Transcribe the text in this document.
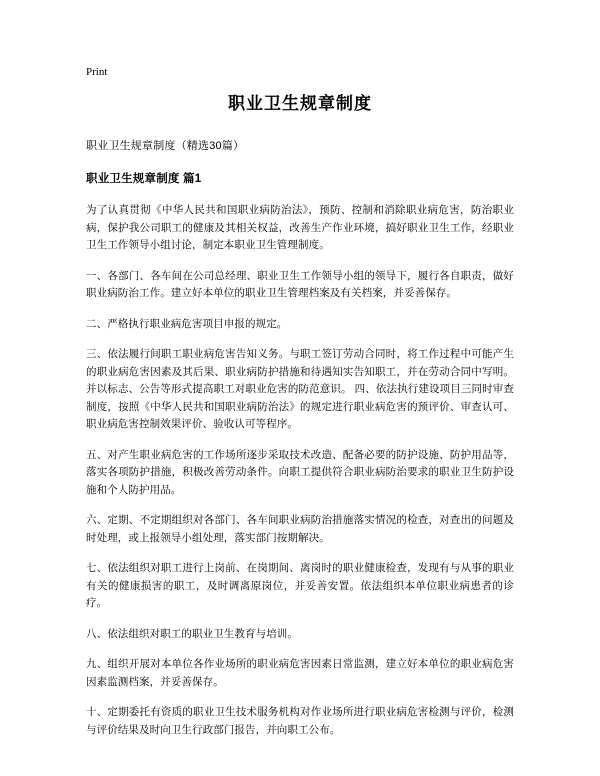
Print
职业卫生规章制度
职业卫生规章制度（精选30篇）
职业卫生规章制度 篇1

为了认真贯彻《中华人民共和国职业病防治法》，预防、控制和消除职业病危害，防治职业病，保护我公司职工的健康及其相关权益，改善生产作业环境，搞好职业卫生工作，经职业卫生工作领导小组讨论，制定本职业卫生管理制度。

一、各部门、各车间在公司总经理、职业卫生工作领导小组的领导下，履行各自职责，做好职业病防治工作。建立好本单位的职业卫生管理档案及有关档案，并妥善保存。

二、严格执行职业病危害项目申报的规定。

三、依法履行间职工职业病危害告知义务。与职工签订劳动合同时，将工作过程中可能产生的职业病危害因素及其后果、职业病防护措施和待遇知实告知职工，并在劳动合同中写明。并以标志、公告等形式提高职工对职业危害的防范意识。 四、依法执行建设项目三同时审查制度，按照《中华人民共和国职业病防治法》的规定进行职业病危害的预评价、审查认可、职业病危害控制效果评价、验收认可等程序。

五、对产生职业病危害的工作场所逐步采取技术改造、配备必要的防护设施、防护用品等，落实各项防护措施，积极改善劳动条件。向职工提供符合职业病防治要求的职业卫生防护设施和个人防护用品。

六、定期、不定期组织对各部门、各车间职业病防治措施落实情况的检查，对查出的问题及时处理，或上报领导小组处理，落实部门按期解决。

七、依法组织对职工进行上岗前、在岗期间、离岗时的职业健康检查，发现有与从事的职业有关的健康损害的职工，及时调离原岗位，并妥善安置。依法组织本单位职业病患者的诊疗。

八、依法组织对职工的职业卫生教育与培训。

九、组织开展对本单位各作业场所的职业病危害因素日常监测，建立好本单位的职业病危害因素监测档案，并妥善保存。

十、定期委托有资质的职业卫生技术服务机构对作业场所进行职业病危害检测与评价，检测与评价结果及时向卫生行政部门报告，并向职工公布。
